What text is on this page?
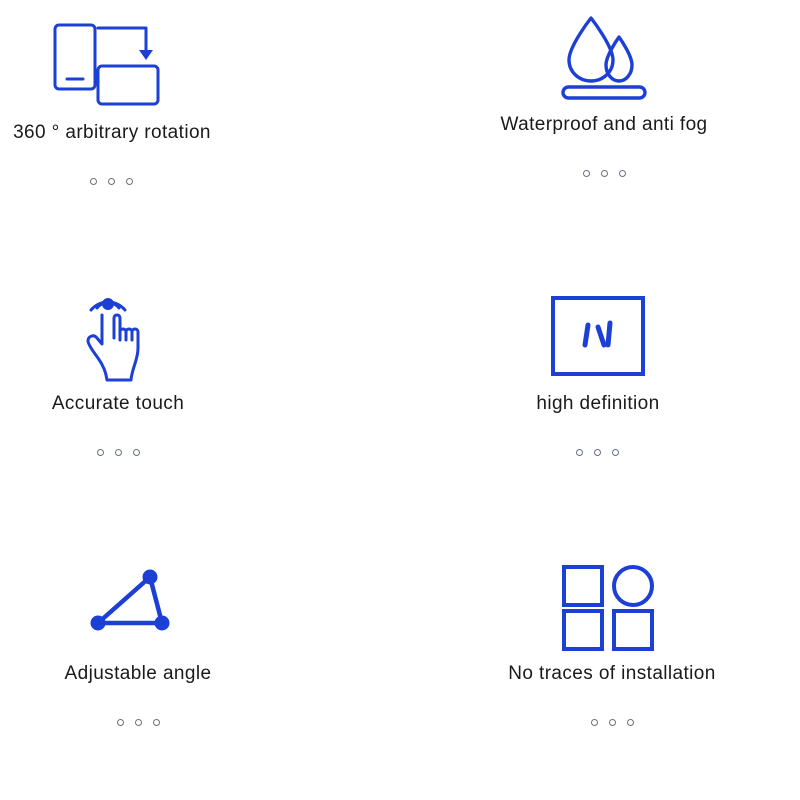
360 ° arbitrary rotation	Waterproof and anti fog
Accurate touch	high definition
Adjustable angle	No traces of installation
